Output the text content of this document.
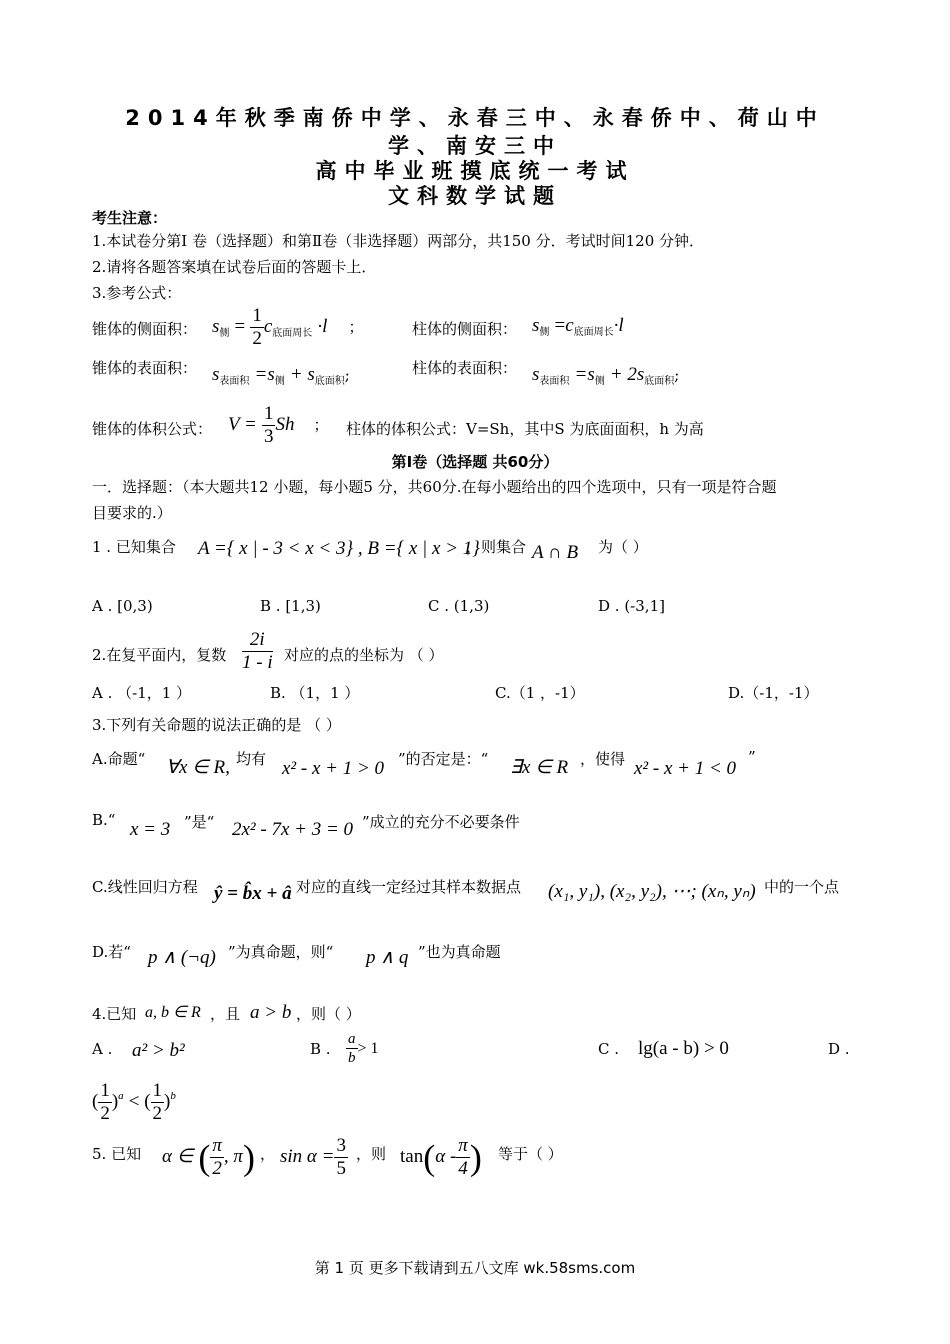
2014年秋季南侨中学、永春三中、永春侨中、荷山中
学、南安三中
高中毕业班摸底统一考试
文科数学试题
考生注意：
1.本试卷分第Ⅰ 卷（选择题）和第Ⅱ卷（非选择题）两部分，共150 分．考试时间120 分钟．
2.请将各题答案填在试卷后面的答题卡上．
3.参考公式：
锥体的侧面积： $s_侧 = \frac{1}{2} c_{底面周长} \cdot l$ ；	柱体的侧面积： $s_侧 =c_{底面周长}\cdot l$
锥体的表面积： $s_{表面积} =s_侧 + s_{底面积}$;	柱体的表面积： $s_{表面积} =s_侧 + 2s_{底面积}$;
锥体的体积公式： $V = \frac{1}{3}$ Sh ； 柱体的体积公式：V=Sh，其中S 为底面面积，h 为高
第Ⅰ卷（选择题 共60分）
一．选择题：（本大题共12 小题，每小题5 分，共60分.在每小题给出的四个选项中，只有一项是符合题
目要求的.）
1 . 已知集合 A ={ x | - 3 < x < 3} , B ={ x | x > 1}
，则集合 A ∩ B 为（ ）
A . [0,3)	B . [1,3)	C . (1,3)	D . (-3,1]
2.在复平面内，复数 $\frac{2i}{1 - i}$ 对应的点的坐标为 （ ）
A . （-1，1 ）	B. （1，1 ）	C.（1 ，-1）	D.（-1，-1）
3.下列有关命题的说法正确的是 （ ）
A.命题“ ∀x ∈ R, 均有 x² - x + 1 > 0 ”的否定是：“ ∃x ∈ R ，使得 x² - x + 1 < 0
”
B.“ x = 3 ”是“ 2x² - 7x + 3 = 0 ”成立的充分不必要条件
C.线性回归方程 ŷ = b̂x + â 对应的直线一定经过其样本数据点 (x₁, y₁), (x₂, y₂), ⋯; (xₙ, yₙ) 中的一个点
D.若“ p ∧ (¬q) ”为真命题，则“ p ∧ q ”也为真命题
4.已知 a, b ∈ R ，且 a > b ，则（ ）
A . a² > b²	B . $\frac{a}{b} > 1$	C . lg(a - b) > 0	D .
( $\frac{1}{2} )^a$ < ( $\frac{1}{2} )^b$
5. 已知 α ∈ ( $\frac{\pi}{2}$ , π) ， $\sin \alpha = \frac{3}{5}$ ，则 $\tan(\alpha - \frac{\pi}{4}$ ) 等于（ ）
第 1 页 更多下载请到五八文库 wk.58sms.com
